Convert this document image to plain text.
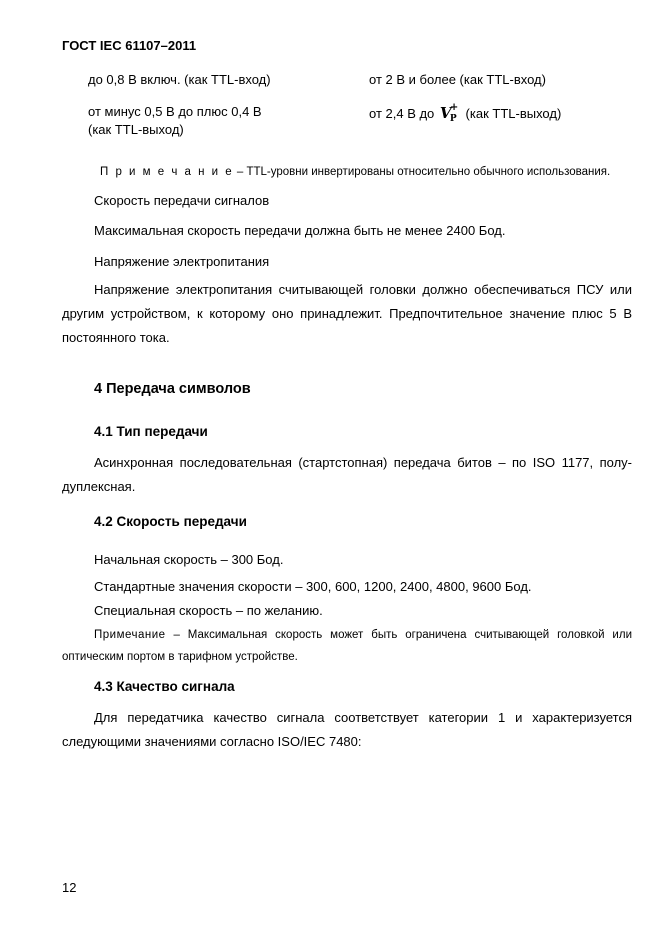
ГОСТ IEC 61107–2011
до 0,8 В включ. (как TTL-вход)	от 2 В и более (как TTL-вход)
от минус 0,5 В до плюс 0,4 В
(как TTL-выход)
от 2,4 В до V
+
P (как TTL-выход)
П р и м е ч а н и е – TTL-уровни инвертированы относительно обычного использования.
Скорость передачи сигналов
Максимальная скорость передачи должна быть не менее 2400 Бод.
Напряжение электропитания

Напряжение электропитания считывающей головки должно обеспечиваться ПСУ или другим устройством, к которому оно принадлежит. Предпочтительное значение плюс 5 В постоянного тока.

4 Передача символов
4.1 Тип передачи

Асинхронная последовательная (стартстопная) передача битов – по ISO 1177, полу-дуплексная.

4.2 Скорость передачи
Начальная скорость – 300 Бод.
Стандартные значения скорости – 300, 600, 1200, 2400, 4800, 9600 Бод.
Специальная скорость – по желанию.

Примечание – Максимальная скорость может быть ограничена считывающей головкой или оптическим портом в тарифном устройстве.

4.3 Качество сигнала

Для передатчика качество сигнала соответствует категории 1 и характеризуется следующими значениями согласно ISO/IEC 7480:

12
